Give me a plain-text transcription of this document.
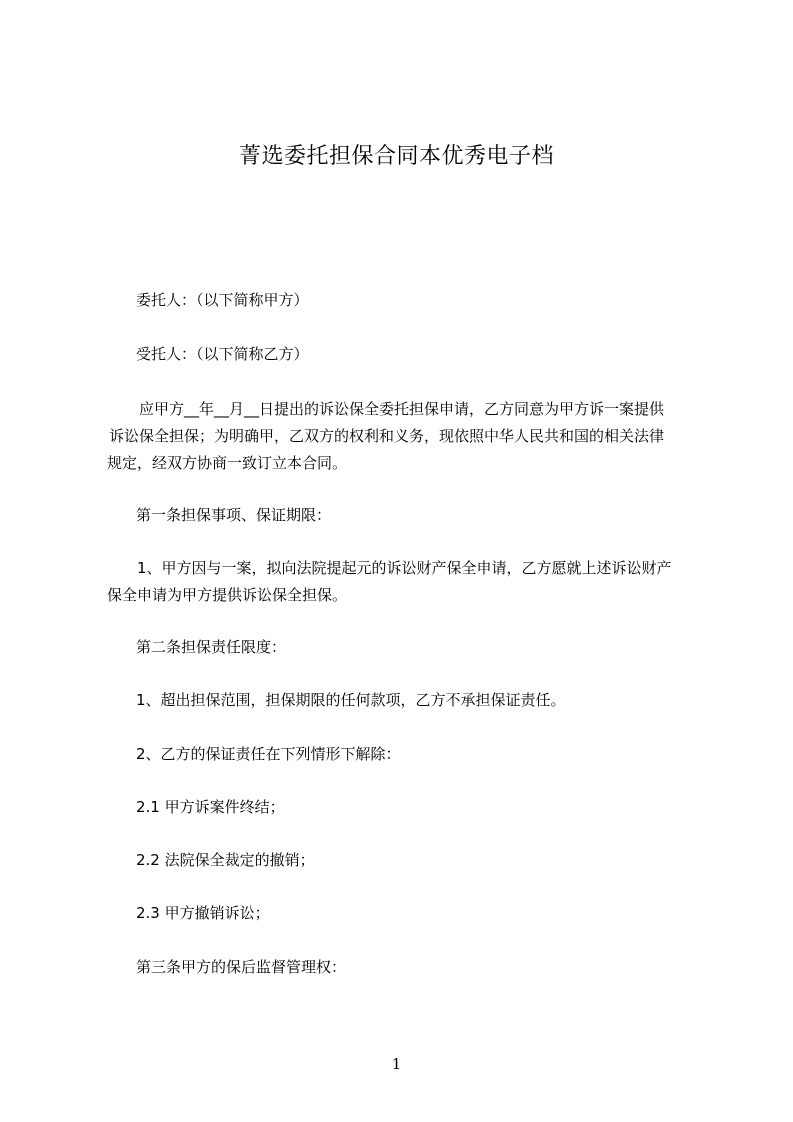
菁选委托担保合同本优秀电子档
委托人：（以下简称甲方）
受托人：（以下简称乙方）
应甲方__年__月__日提出的诉讼保全委托担保申请，乙方同意为甲方诉一案提供
诉讼保全担保；为明确甲，乙双方的权利和义务，现依照中华人民共和国的相关法律
规定，经双方协商一致订立本合同。
第一条担保事项、保证期限：
1、甲方因与一案，拟向法院提起元的诉讼财产保全申请，乙方愿就上述诉讼财产
保全申请为甲方提供诉讼保全担保。
第二条担保责任限度：
1、超出担保范围，担保期限的任何款项，乙方不承担保证责任。
2、乙方的保证责任在下列情形下解除：
2.1 甲方诉案件终结；
2.2 法院保全裁定的撤销；
2.3 甲方撤销诉讼；
第三条甲方的保后监督管理权：
1
